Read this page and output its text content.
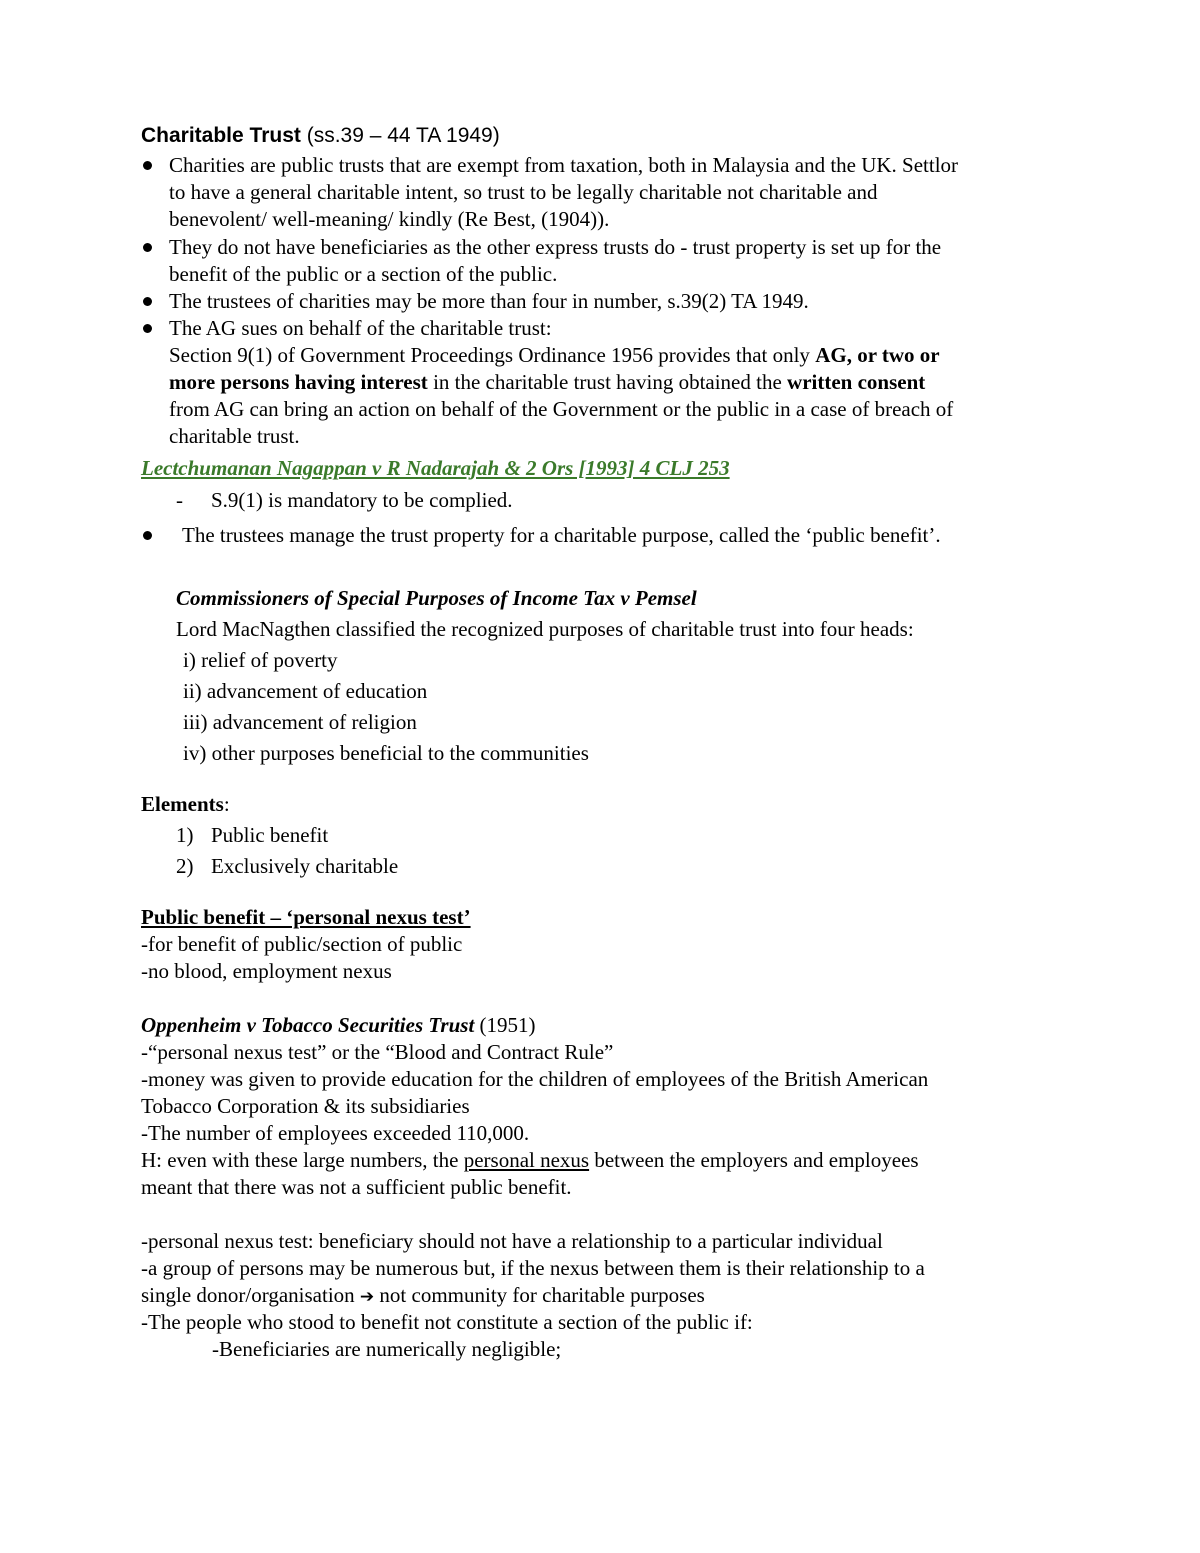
Charitable Trust (ss.39 – 44 TA 1949)
Charities are public trusts that are exempt from taxation, both in Malaysia and the UK. Settlor
to have a general charitable intent, so trust to be legally charitable not charitable and
benevolent/ well-meaning/ kindly (Re Best, (1904)).
They do not have beneficiaries as the other express trusts do - trust property is set up for the
benefit of the public or a section of the public.
The trustees of charities may be more than four in number, s.39(2) TA 1949.
The AG sues on behalf of the charitable trust:
Section 9(1) of Government Proceedings Ordinance 1956 provides that only AG, or two or
more persons having interest in the charitable trust having obtained the written consent
from AG can bring an action on behalf of the Government or the public in a case of breach of
charitable trust.
Lectchumanan Nagappan v R Nadarajah & 2 Ors [1993] 4 CLJ 253
- S.9(1) is mandatory to be complied.
The trustees manage the trust property for a charitable purpose, called the ‘public benefit’.
Commissioners of Special Purposes of Income Tax v Pemsel
Lord MacNagthen classified the recognized purposes of charitable trust into four heads:
i) relief of poverty
ii) advancement of education
iii) advancement of religion
iv) other purposes beneficial to the communities
Elements:
1) Public benefit
2) Exclusively charitable
Public benefit – ‘personal nexus test’
-for benefit of public/section of public
-no blood, employment nexus
Oppenheim v Tobacco Securities Trust (1951)
-“personal nexus test” or the “Blood and Contract Rule”
-money was given to provide education for the children of employees of the British American
Tobacco Corporation & its subsidiaries
-The number of employees exceeded 110,000.
H: even with these large numbers, the personal nexus between the employers and employees
meant that there was not a sufficient public benefit.
-personal nexus test: beneficiary should not have a relationship to a particular individual
-a group of persons may be numerous but, if the nexus between them is their relationship to a
single donor/organisation ➔ not community for charitable purposes
-The people who stood to benefit not constitute a section of the public if:
-Beneficiaries are numerically negligible;
